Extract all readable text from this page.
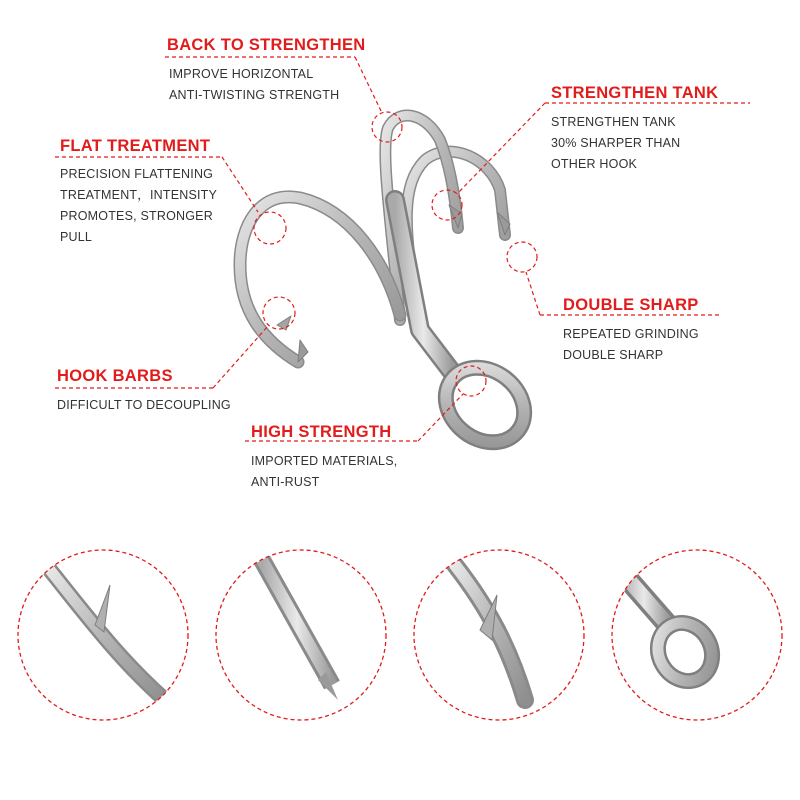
BACK TO STRENGTHEN
IMPROVE HORIZONTAL
ANTI-TWISTING STRENGTH	STRENGTHEN TANK
STRENGTHEN TANK
30% SHARPER THAN
OTHER HOOK
FLAT TREATMENT
PRECISION FLATTENING
TREATMENT，INTENSITY
PROMOTES, STRONGER
PULL
DOUBLE SHARP
REPEATED GRINDING
DOUBLE SHARP
HOOK BARBS
DIFFICULT TO DECOUPLING
HIGH STRENGTH
IMPORTED MATERIALS,
ANTI-RUST
